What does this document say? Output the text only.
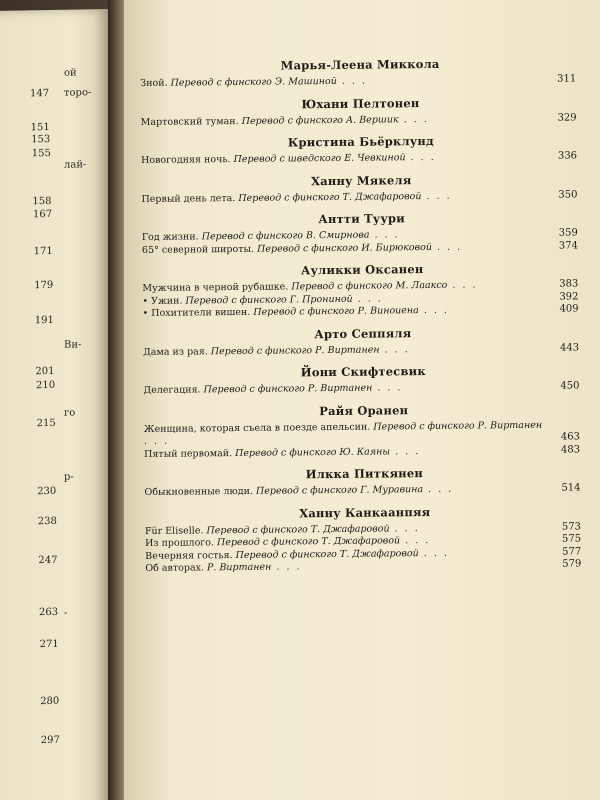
147
151
153
155
158
167
171
179
191
201
210
215
230
238
247
263
271
280
297
ой
торо-
лай-
Ви-
го
р-
-
Марья-Леена Миккола
Зной. Перевод с финского Э. Машиной . . .	311
Юхани Пелтонен
Мартовский туман. Перевод с финского А. Вершик . . .	329
Кристина Бьёрклунд
Новогодняя ночь. Перевод с шведского Е. Чевкиной . . .	336
Ханну Мякеля
Первый день лета. Перевод с финского Т. Джафаровой . . .	350
Антти Туури
Год жизни. Перевод с финского В. Смирнова . . .	359
65° северной широты. Перевод с финского И. Бирюковой . . .	374
Ауликки Оксанен
Мужчина в черной рубашке. Перевод с финского М. Лааксо . . .	383
• Ужин. Перевод с финского Г. Прониной . . .	392
• Похитители вишен. Перевод с финского Р. Виноиена . . .	409
Арто Сеппяля
Дама из рая. Перевод с финского Р. Виртанен . . .	443
Йони Скифтесвик
Делегация. Перевод с финского Р. Виртанен . . .	450
Райя Оранен
Женщина, которая съела в поезде апельсин. Перевод с финского Р. Виртанен . . .	463
Пятый первомай. Перевод с финского Ю. Каяны . . .	483
Илкка Питкянен
Обыкновенные люди. Перевод с финского Г. Муравина . . .	514
Ханну Канкаанпяя
Für Eliselle. Перевод с финского Т. Джафаровой . . .	573
Из прошлого. Перевод с финского Т. Джафаровой . . .	575
Вечерняя гостья. Перевод с финского Т. Джафаровой . . .	577
Об авторах. Р. Виртанен . . .	579
